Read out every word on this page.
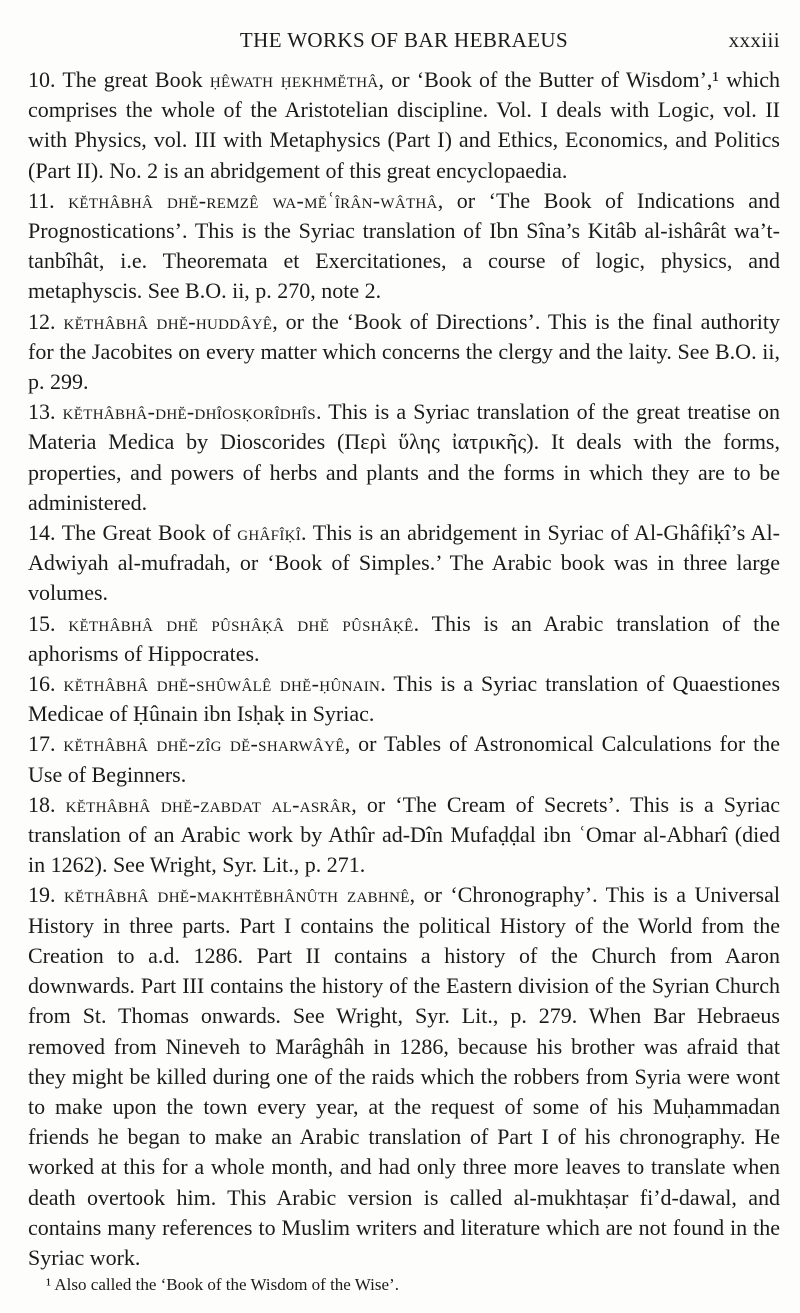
THE WORKS OF BAR HEBRAEUS	xxxiii

10. The great Book ḥêwath ḥekhmĕthâ, or ‘Book of the Butter of Wisdom’,¹ which comprises the whole of the Aristotelian discipline. Vol. I deals with Logic, vol. II with Physics, vol. III with Metaphysics (Part I) and Ethics, Economics, and Politics (Part II). No. 2 is an abridgement of this great encyclopaedia.

11. kĕthâbhâ dhĕ-remzê wa-mĕʿîrân-wâthâ, or ‘The Book of Indications and Prognostications’. This is the Syriac translation of Ibn Sîna’s Kitâb al-ishârât wa’t-tanbîhât, i.e. Theoremata et Exercitationes, a course of logic, physics, and metaphyscis. See B.O. ii, p. 270, note 2.

12. kĕthâbhâ dhĕ-huddâyê, or the ‘Book of Directions’. This is the final authority for the Jacobites on every matter which concerns the clergy and the laity. See B.O. ii, p. 299.

13. kĕthâbhâ-dhĕ-dhîosḳorîdhîs. This is a Syriac translation of the great treatise on Materia Medica by Dioscorides (Περὶ ὕλης ἰατρικῆς). It deals with the forms, properties, and powers of herbs and plants and the forms in which they are to be administered.

14. The Great Book of ghâfîḳî. This is an abridgement in Syriac of Al-Ghâfiḳî’s Al-Adwiyah al-mufradah, or ‘Book of Simples.’ The Arabic book was in three large volumes.

15. kĕthâbhâ dhĕ pûshâḳâ dhĕ pûshâḳê. This is an Arabic translation of the aphorisms of Hippocrates.

16. kĕthâbhâ dhĕ-shûwâlê dhĕ-ḥûnain. This is a Syriac translation of Quaestiones Medicae of Ḥûnain ibn Isḥaḳ in Syriac.

17. kĕthâbhâ dhĕ-zîg dĕ-sharwâyê, or Tables of Astronomical Calculations for the Use of Beginners.

18. kĕthâbhâ dhĕ-zabdat al-asrâr, or ‘The Cream of Secrets’. This is a Syriac translation of an Arabic work by Athîr ad-Dîn Mufaḍḍal ibn ʿOmar al-Abharî (died in 1262). See Wright, Syr. Lit., p. 271.

19. kĕthâbhâ dhĕ-makhtĕbhânûth zabhnê, or ‘Chronography’. This is a Universal History in three parts. Part I contains the political History of the World from the Creation to a.d. 1286. Part II contains a history of the Church from Aaron downwards. Part III contains the history of the Eastern division of the Syrian Church from St. Thomas onwards. See Wright, Syr. Lit., p. 279. When Bar Hebraeus removed from Nineveh to Marâghâh in 1286, because his brother was afraid that they might be killed during one of the raids which the robbers from Syria were wont to make upon the town every year, at the request of some of his Muḥammadan friends he began to make an Arabic translation of Part I of his chronography. He worked at this for a whole month, and had only three more leaves to translate when death overtook him. This Arabic version is called al-mukhtaṣar fi’d-dawal, and contains many references to Muslim writers and literature which are not found in the Syriac work.

¹ Also called the ‘Book of the Wisdom of the Wise’.
